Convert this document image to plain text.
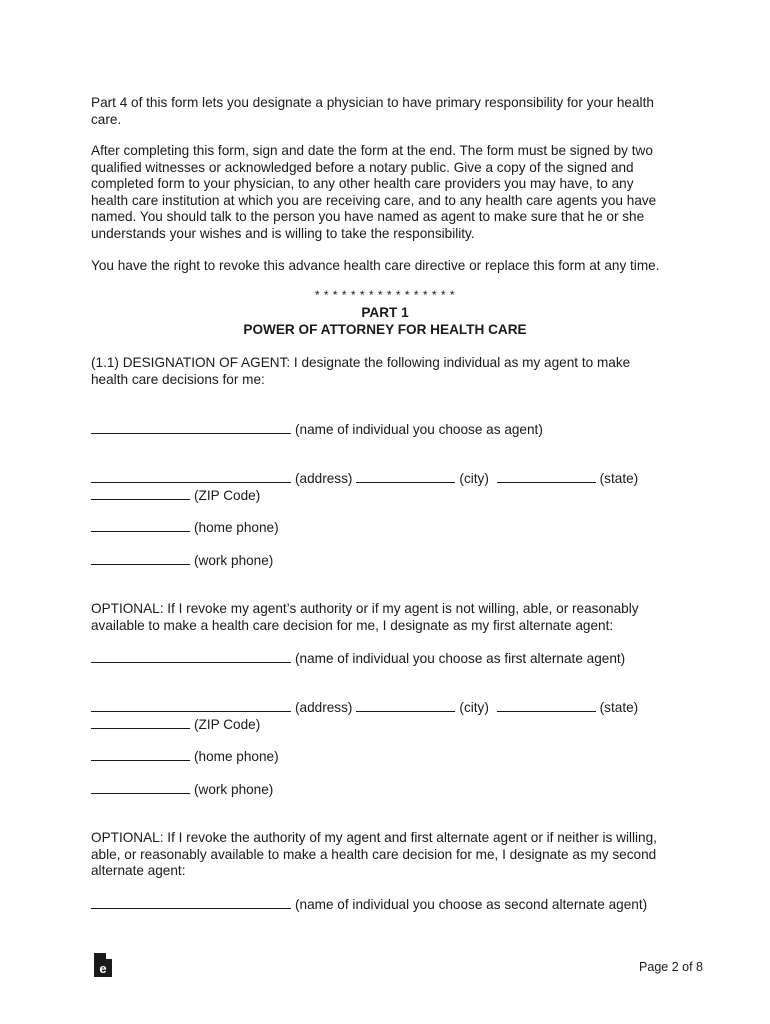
Part 4 of this form lets you designate a physician to have primary responsibility for your health
care.
After completing this form, sign and date the form at the end. The form must be signed by two
qualified witnesses or acknowledged before a notary public. Give a copy of the signed and
completed form to your physician, to any other health care providers you may have, to any
health care institution at which you are receiving care, and to any health care agents you have
named. You should talk to the person you have named as agent to make sure that he or she
understands your wishes and is willing to take the responsibility.
You have the right to revoke this advance health care directive or replace this form at any time.
* * * * * * * * * * * * * * * *
PART 1
POWER OF ATTORNEY FOR HEALTH CARE
(1.1) DESIGNATION OF AGENT: I designate the following individual as my agent to make
health care decisions for me:
(name of individual you choose as agent)
(address)	(city)	(state)
(ZIP Code)
(home phone)
(work phone)
OPTIONAL: If I revoke my agent’s authority or if my agent is not willing, able, or reasonably
available to make a health care decision for me, I designate as my first alternate agent:
(name of individual you choose as first alternate agent)
(address)	(city)	(state)
(ZIP Code)
(home phone)
(work phone)
OPTIONAL: If I revoke the authority of my agent and first alternate agent or if neither is willing,
able, or reasonably available to make a health care decision for me, I designate as my second
alternate agent:
(name of individual you choose as second alternate agent)
e	Page 2 of 8
